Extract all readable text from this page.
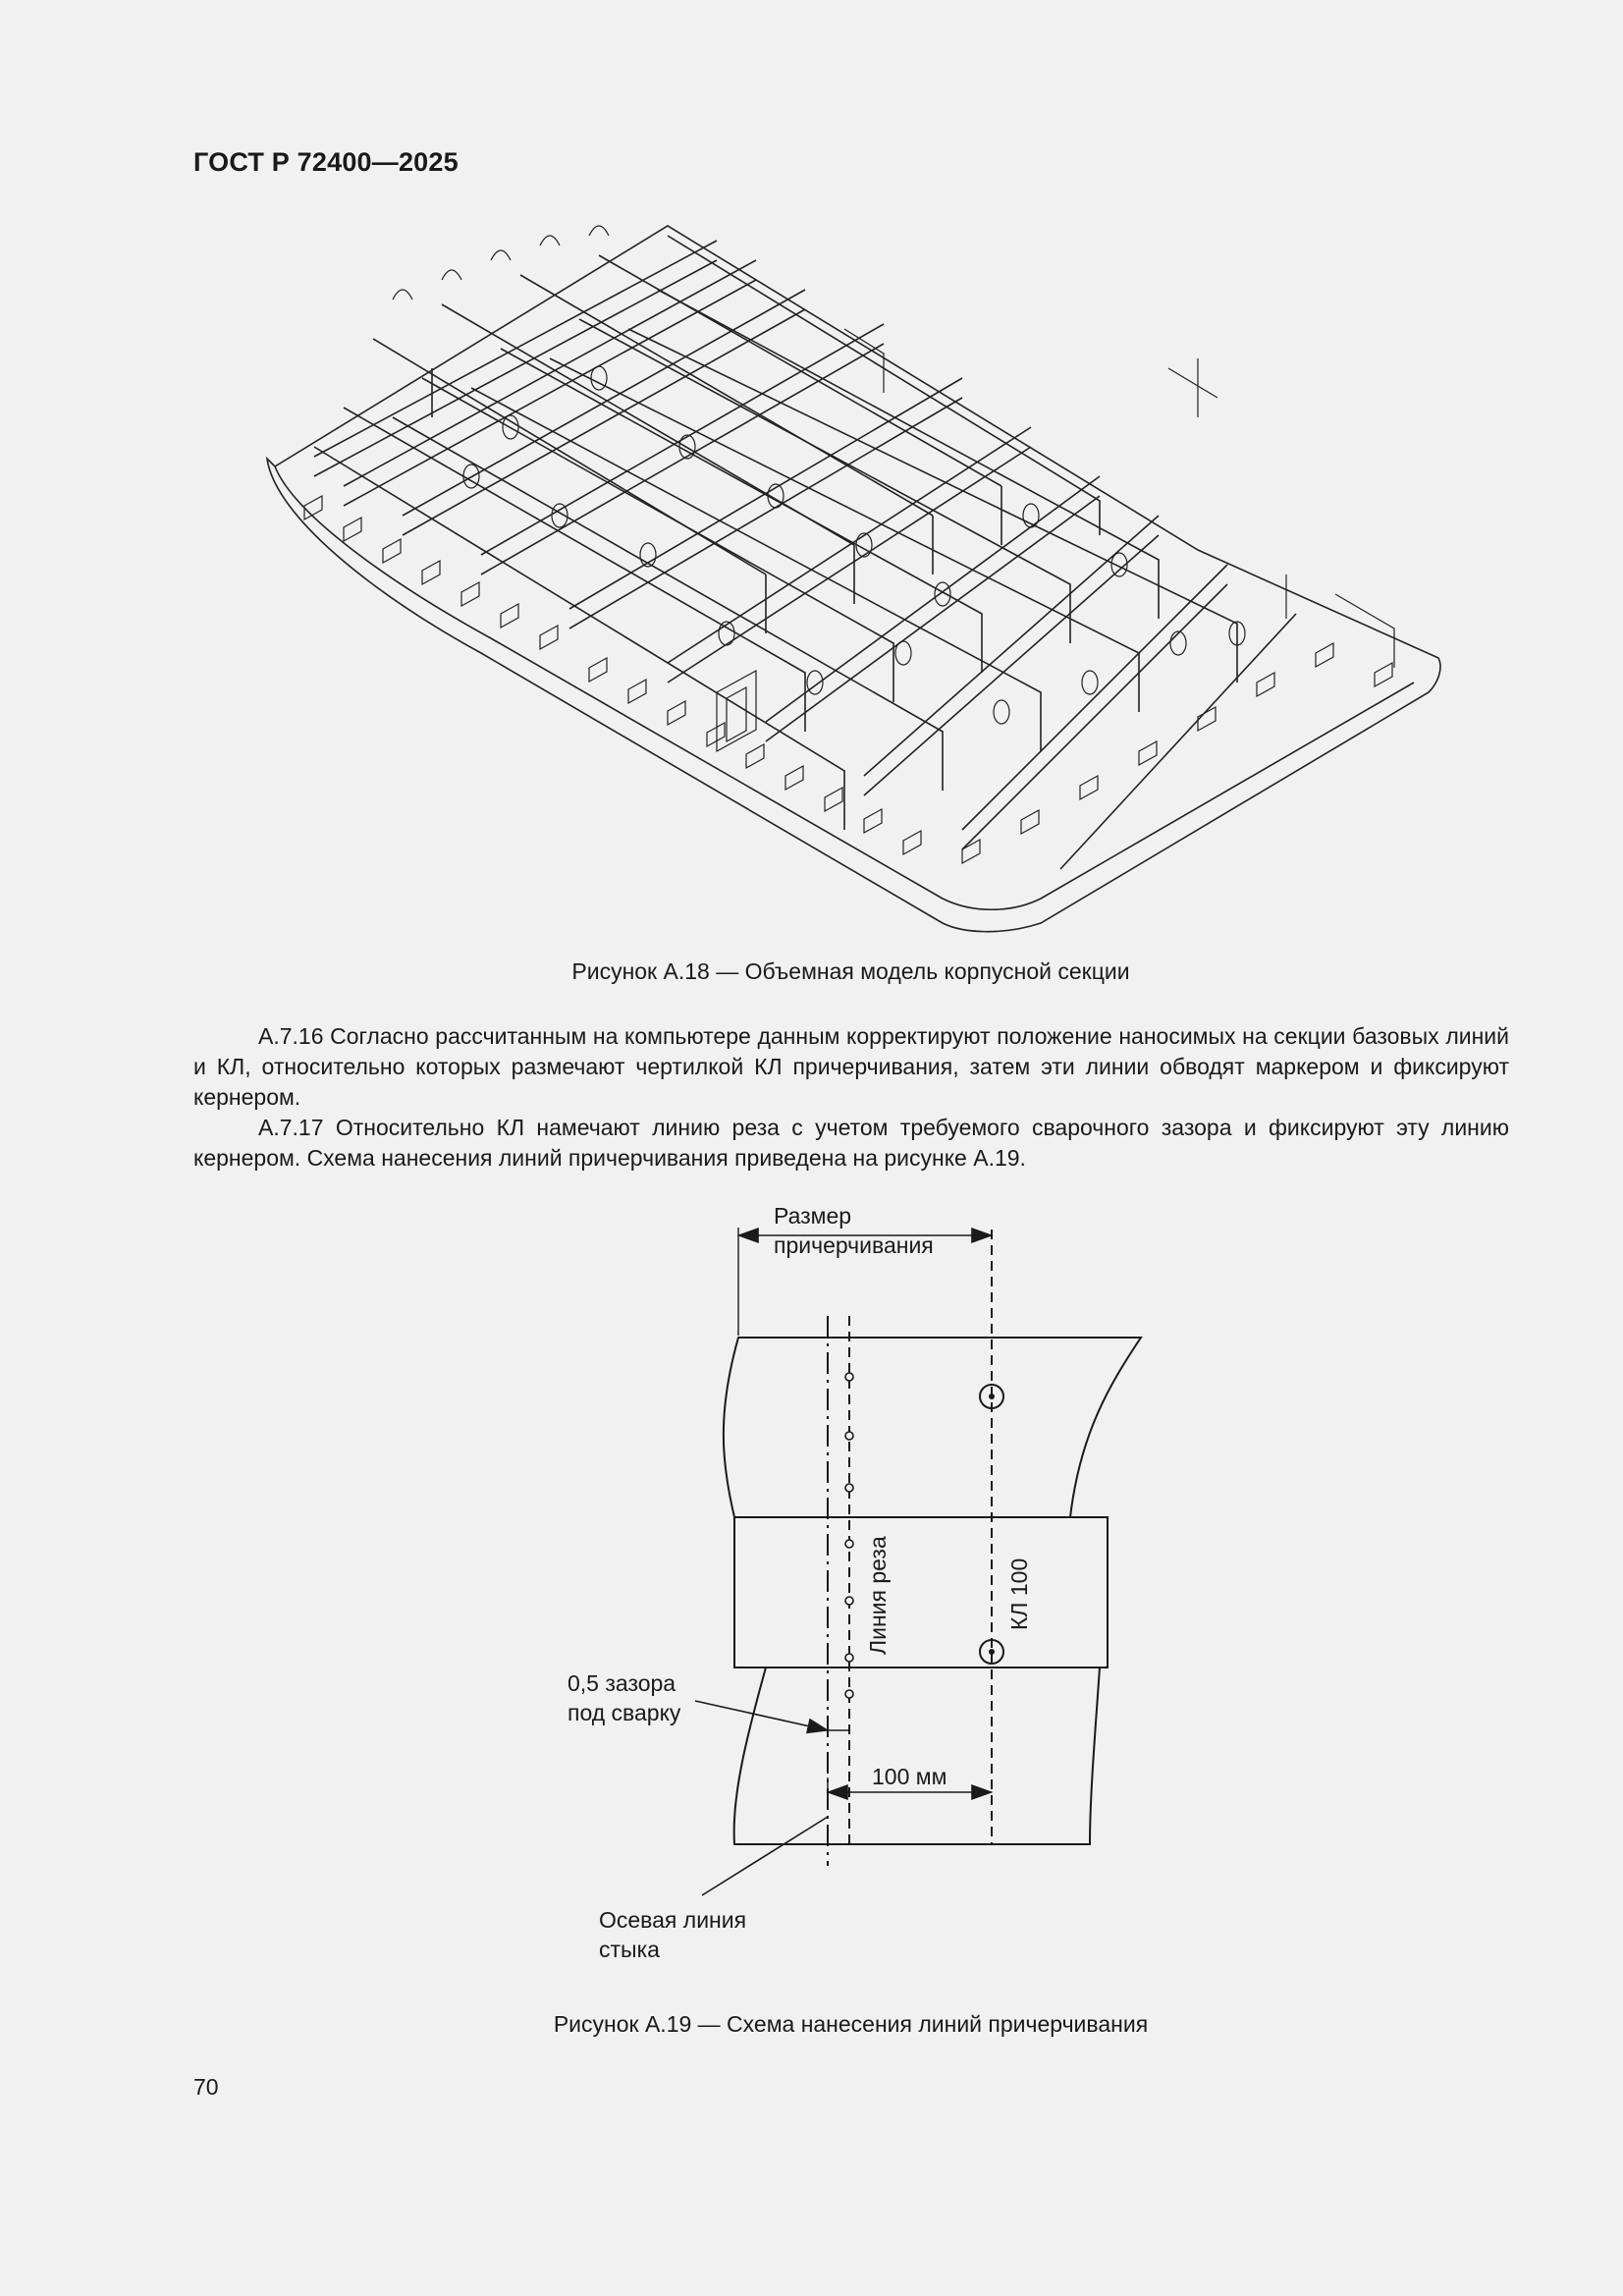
ГОСТ Р 72400—2025
Рисунок А.18 — Объемная модель корпусной секции

А.7.16 Согласно рассчитанным на компьютере данным корректируют положение наносимых на секции базовых линий и КЛ, относительно которых размечают чертилкой КЛ причерчивания, затем эти линии обводят маркером и фиксируют кернером.

А.7.17 Относительно КЛ намечают линию реза с учетом требуемого сварочного зазора и фиксируют эту линию кернером. Схема нанесения линий причерчивания приведена на рисунке А.19.

Размер
причерчивания
Линия реза	КЛ 100
0,5 зазора
под сварку
100 мм
Осевая линия
стыка
Рисунок А.19 — Схема нанесения линий причерчивания
70
